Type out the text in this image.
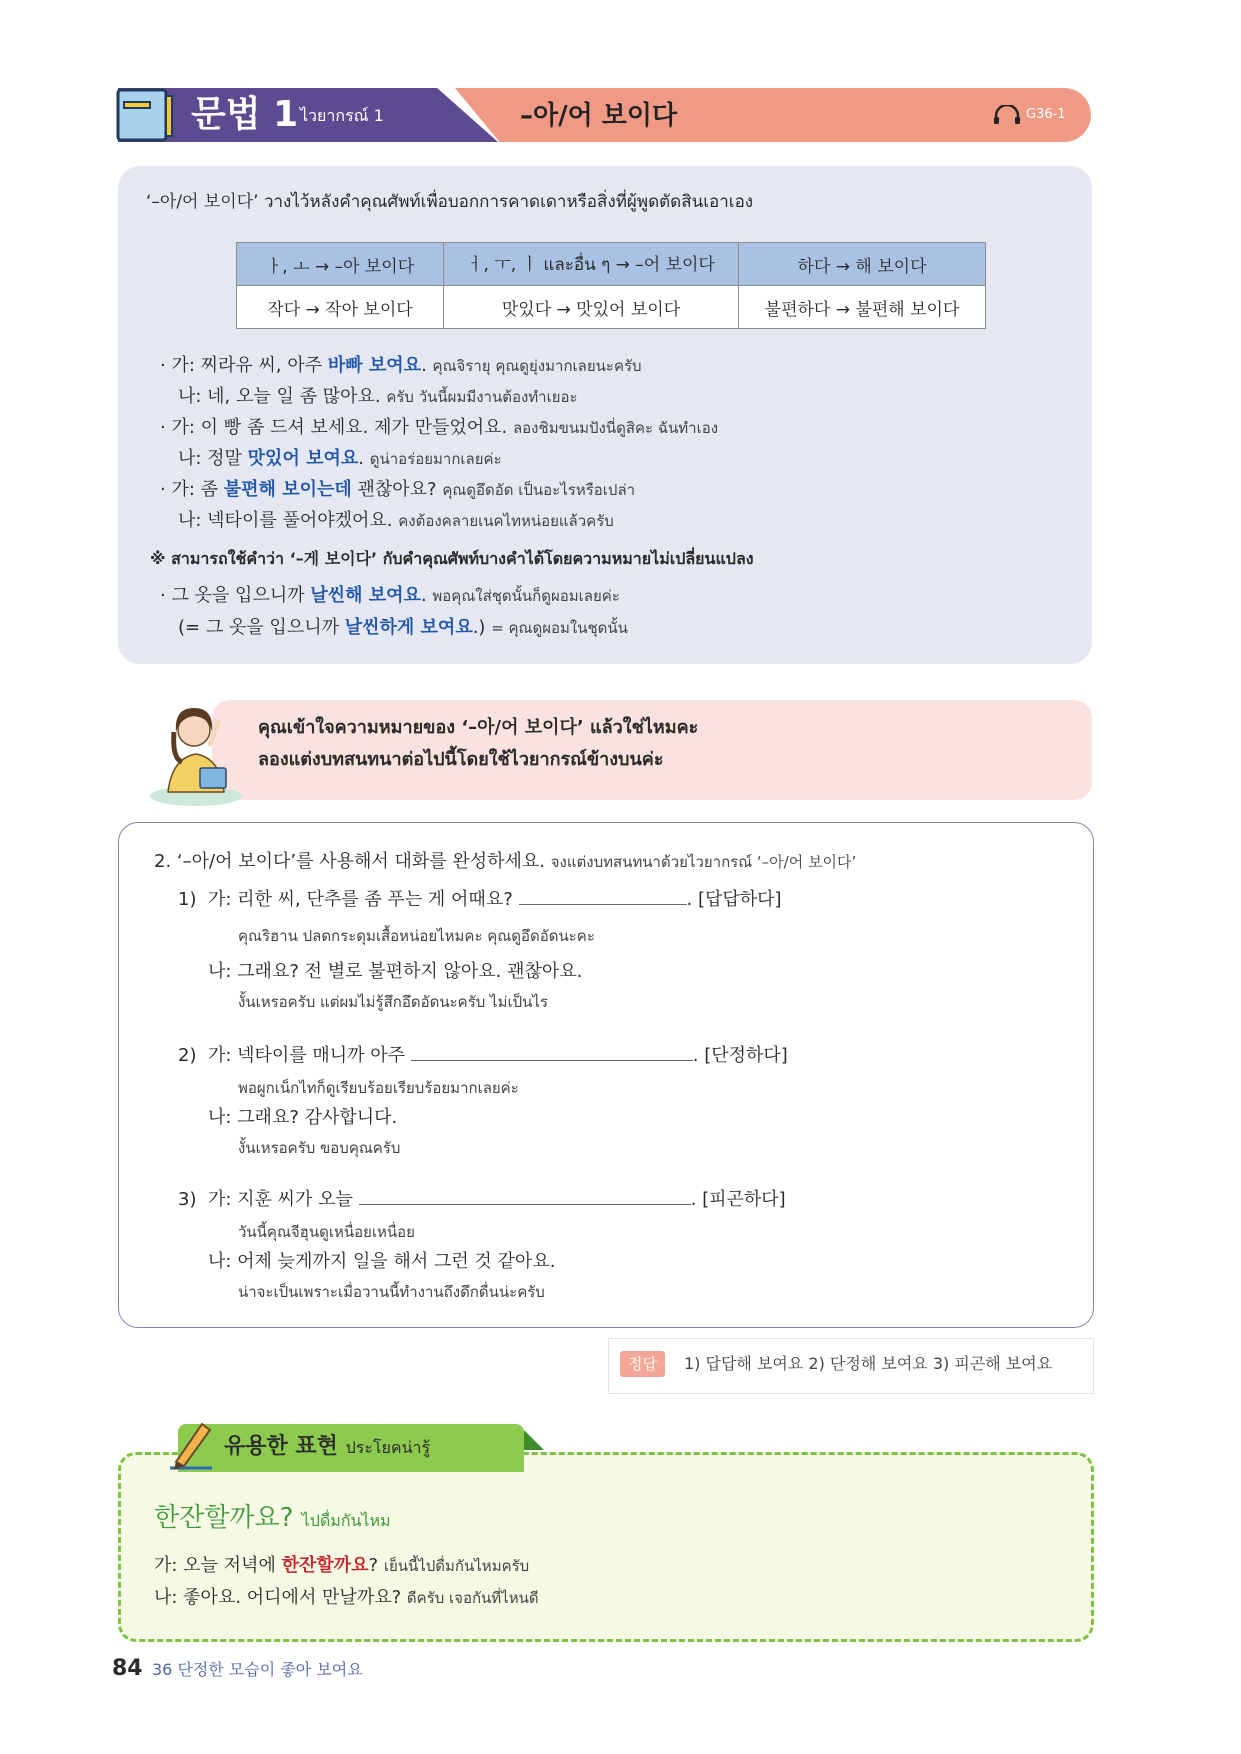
문법 1 ไวยากรณ์ 1	–아/어 보이다	G36-1
‘–아/어 보이다’ วางไว้หลังคำคุณศัพท์เพื่อบอกการคาดเดาหรือสิ่งที่ผู้พูดตัดสินเอาเอง
ㅏ, ㅗ → –아 보이다	ㅓ, ㅜ, ㅣ และอื่น ๆ → –어 보이다	하다 → 해 보이다
작다 → 작아 보이다	맛있다 → 맛있어 보이다	불편하다 → 불편해 보이다
· 가: 찌라유 씨, 아주 바빠 보여요. คุณจิรายุ คุณดูยุ่งมากเลยนะครับ
나: 네, 오늘 일 좀 많아요. ครับ วันนี้ผมมีงานต้องทำเยอะ
· 가: 이 빵 좀 드셔 보세요. 제가 만들었어요. ลองชิมขนมปังนี่ดูสิคะ ฉันทำเอง
나: 정말 맛있어 보여요. ดูน่าอร่อยมากเลยค่ะ
· 가: 좀 불편해 보이는데 괜찮아요? คุณดูอึดอัด เป็นอะไรหรือเปล่า
나: 넥타이를 풀어야겠어요. คงต้องคลายเนคไทหน่อยแล้วครับ
※ สามารถใช้คำว่า ‘–게 보이다’ กับคำคุณศัพท์บางคำได้โดยความหมายไม่เปลี่ยนแปลง
· 그 옷을 입으니까 날씬해 보여요. พอคุณใส่ชุดนั้นก็ดูผอมเลยค่ะ
(= 그 옷을 입으니까 날씬하게 보여요.) = คุณดูผอมในชุดนั้น
คุณเข้าใจความหมายของ ‘–아/어 보이다’ แล้วใช่ไหมคะ
ลองแต่งบทสนทนาต่อไปนี้โดยใช้ไวยากรณ์ข้างบนค่ะ
2. ‘–아/어 보이다’를 사용해서 대화를 완성하세요. จงแต่งบทสนทนาด้วยไวยากรณ์ ‘–아/어 보이다’
1) 가: 리한 씨, 단추를 좀 푸는 게 어때요?	. [답답하다]
คุณริฮาน ปลดกระดุมเสื้อหน่อยไหมคะ คุณดูอึดอัดนะคะ
나: 그래요? 전 별로 불편하지 않아요. 괜찮아요.
งั้นเหรอครับ แต่ผมไม่รู้สึกอึดอัดนะครับ ไม่เป็นไร
2) 가: 넥타이를 매니까 아주	. [단정하다]
พอผูกเน็กไทก็ดูเรียบร้อยเรียบร้อยมากเลยค่ะ
나: 그래요? 감사합니다.
งั้นเหรอครับ ขอบคุณครับ
3) 가: 지훈 씨가 오늘	. [피곤하다]
วันนี้คุณจีฮุนดูเหนื่อยเหนื่อย
나: 어제 늦게까지 일을 해서 그런 것 같아요.
น่าจะเป็นเพราะเมื่อวานนี้ทำงานถึงดึกดื่นน่ะครับ
정답	1) 답답해 보여요 2) 단정해 보여요 3) 피곤해 보여요
유용한 표현 ประโยคน่ารู้
한잔할까요? ไปดื่มกันไหม
가: 오늘 저녁에 한잔할까요? เย็นนี้ไปดื่มกันไหมครับ
나: 좋아요. 어디에서 만날까요? ดีครับ เจอกันที่ไหนดี
84 36 단정한 모습이 좋아 보여요
